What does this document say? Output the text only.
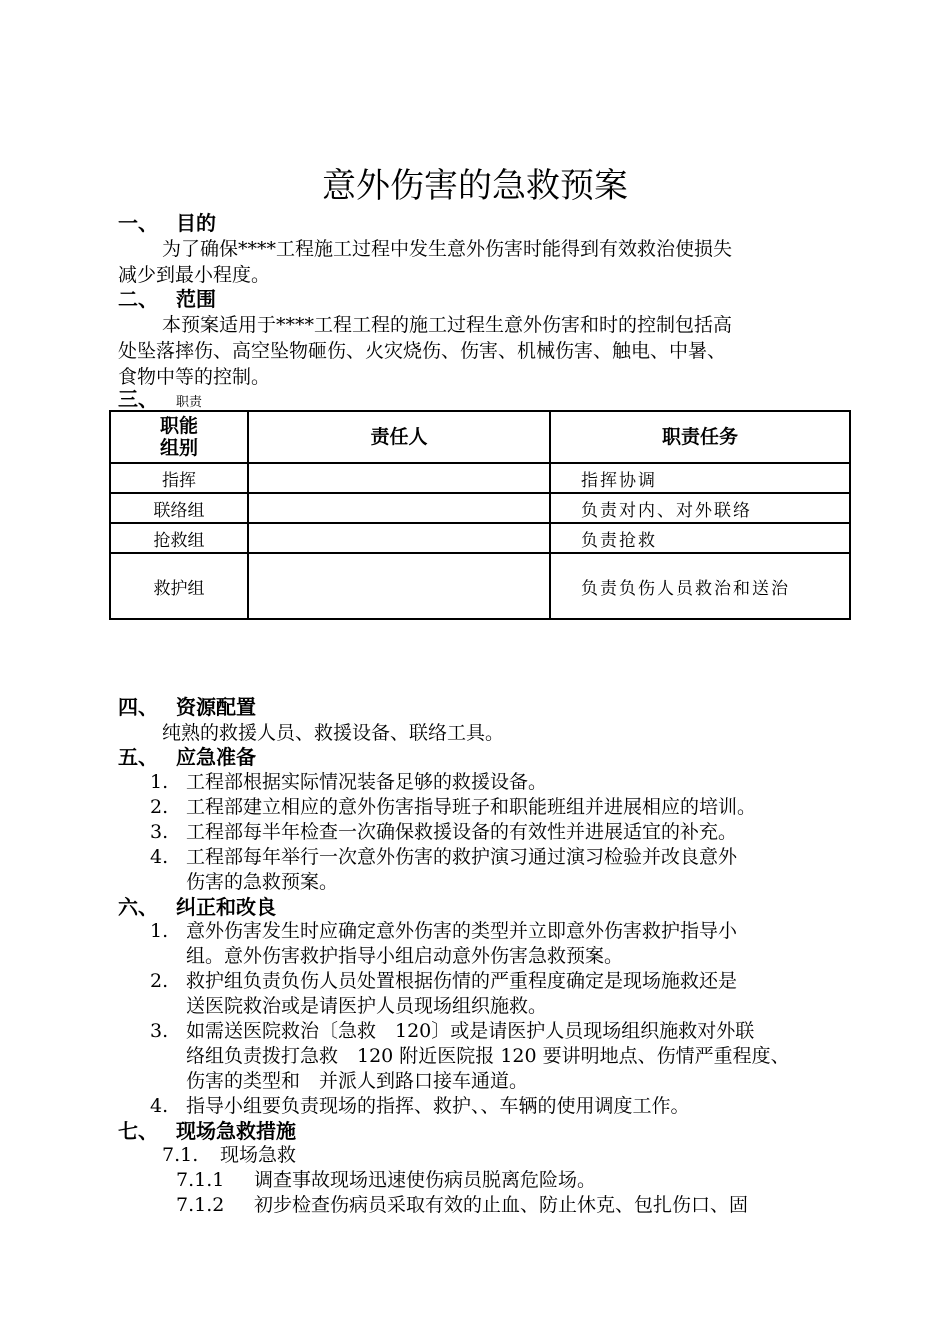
意外伤害的急救预案
一、 目的
为了确保****工程施工过程中发生意外伤害时能得到有效救治使损失
减少到最小程度。
二、 范围
本预案适用于****工程工程的施工过程生意外伤害和时的控制包括高
处坠落摔伤、高空坠物砸伤、火灾烧伤、伤害、机械伤害、触电、中暑、
食物中等的控制。
三、 职责
职能
组别	责任人	职责任务
指挥		指挥协调
联络组		负责对内、对外联络
抢救组		负责抢救
救护组		负责负伤人员救治和送治
四、 资源配置
纯熟的救援人员、救援设备、联络工具。
五、 应急准备
1. 工程部根据实际情况装备足够的救援设备。
2. 工程部建立相应的意外伤害指导班子和职能班组并进展相应的培训。
3. 工程部每半年检查一次确保救援设备的有效性并进展适宜的补充。
4. 工程部每年举行一次意外伤害的救护演习通过演习检验并改良意外
伤害的急救预案。
六、 纠正和改良
1. 意外伤害发生时应确定意外伤害的类型并立即意外伤害救护指导小
组。意外伤害救护指导小组启动意外伤害急救预案。
2. 救护组负责负伤人员处置根据伤情的严重程度确定是现场施救还是
送医院救治或是请医护人员现场组织施救。
3. 如需送医院救治〔急救　120〕或是请医护人员现场组织施救对外联
络组负责拨打急救　120 附近医院报 120 要讲明地点、伤情严重程度、
伤害的类型和　并派人到路口接车通道。
4. 指导小组要负责现场的指挥、救护、、车辆的使用调度工作。
七、 现场急救措施
7.1. 现场急救
7.1.1 调查事故现场迅速使伤病员脱离危险场。
7.1.2 初步检查伤病员采取有效的止血、防止休克、包扎伤口、固
